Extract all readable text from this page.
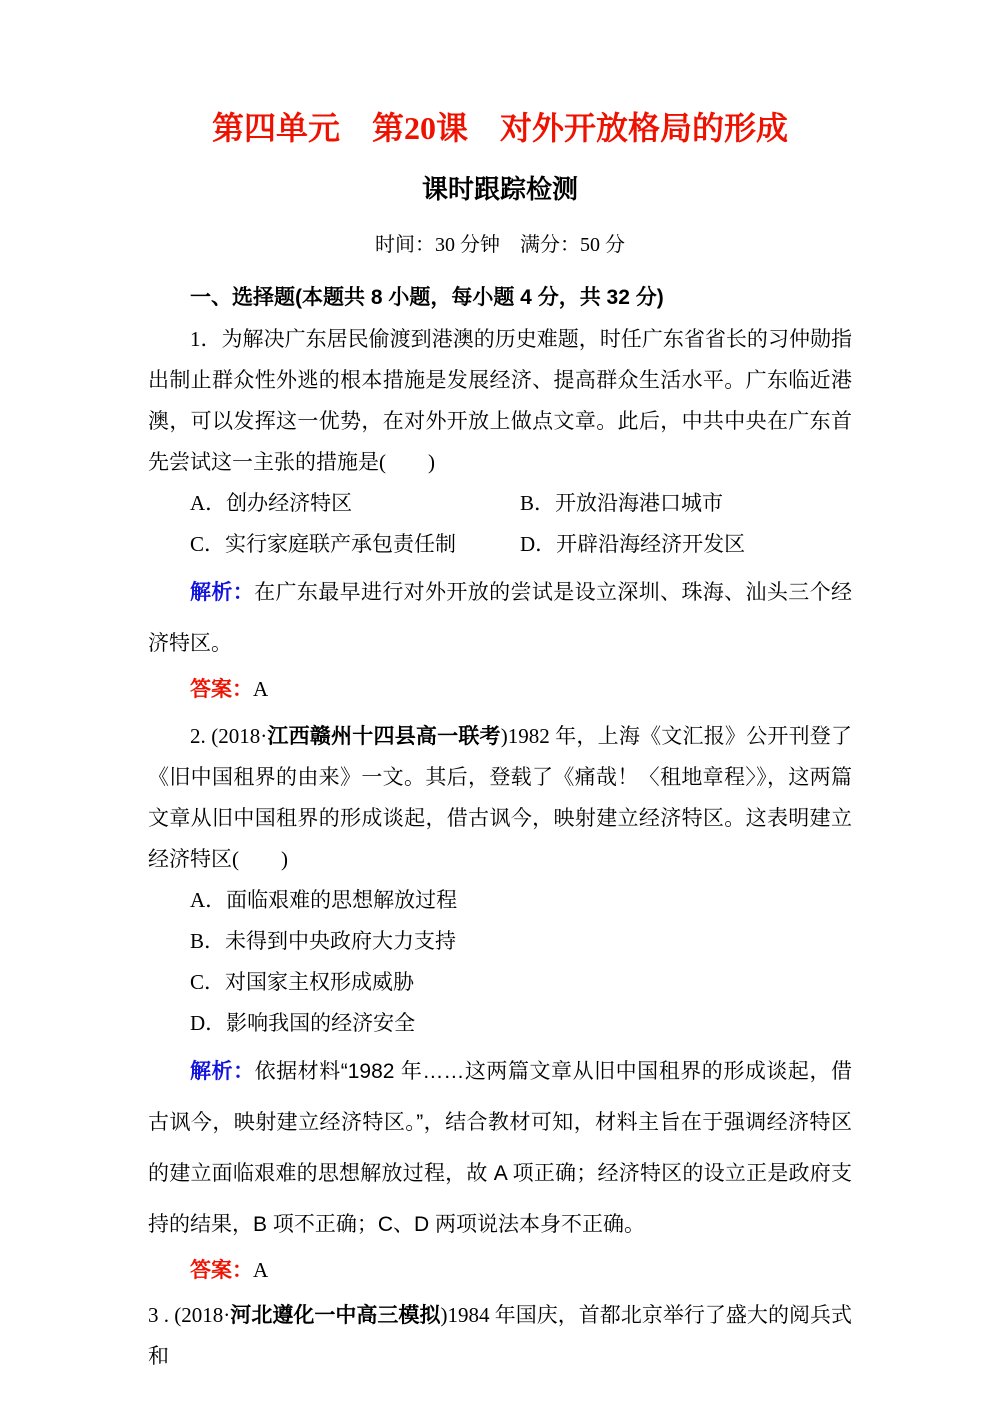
第四单元　第20课　对外开放格局的形成
课时跟踪检测

时间：30 分钟　满分：50 分

一、选择题(本题共 8 小题，每小题 4 分，共 32 分)

1．为解决广东居民偷渡到港澳的历史难题，时任广东省省长的习仲勋指出制止群众性外逃的根本措施是发展经济、提高群众生活水平。广东临近港澳，可以发挥这一优势，在对外开放上做点文章。此后，中共中央在广东首先尝试这一主张的措施是(　　)

A．创办经济特区	B．开放沿海港口城市
C．实行家庭联产承包责任制	D．开辟沿海经济开发区

解析：在广东最早进行对外开放的尝试是设立深圳、珠海、汕头三个经济特区。

答案：A

2. (2018·江西赣州十四县高一联考)1982 年，上海《文汇报》公开刊登了《旧中国租界的由来》一文。其后，登载了《痛哉！〈租地章程〉》，这两篇文章从旧中国租界的形成谈起，借古讽今，映射建立经济特区。这表明建立经济特区(　　)

A．面临艰难的思想解放过程
B．未得到中央政府大力支持
C．对国家主权形成威胁
D．影响我国的经济安全

解析：依据材料“1982 年……这两篇文章从旧中国租界的形成谈起，借古讽今，映射建立经济特区。”，结合教材可知，材料主旨在于强调经济特区的建立面临艰难的思想解放过程，故 A 项正确；经济特区的设立正是政府支持的结果，B 项不正确；C、D 两项说法本身不正确。

答案：A

3 . (2018·河北遵化一中高三模拟)1984 年国庆，首都北京举行了盛大的阅兵式和
